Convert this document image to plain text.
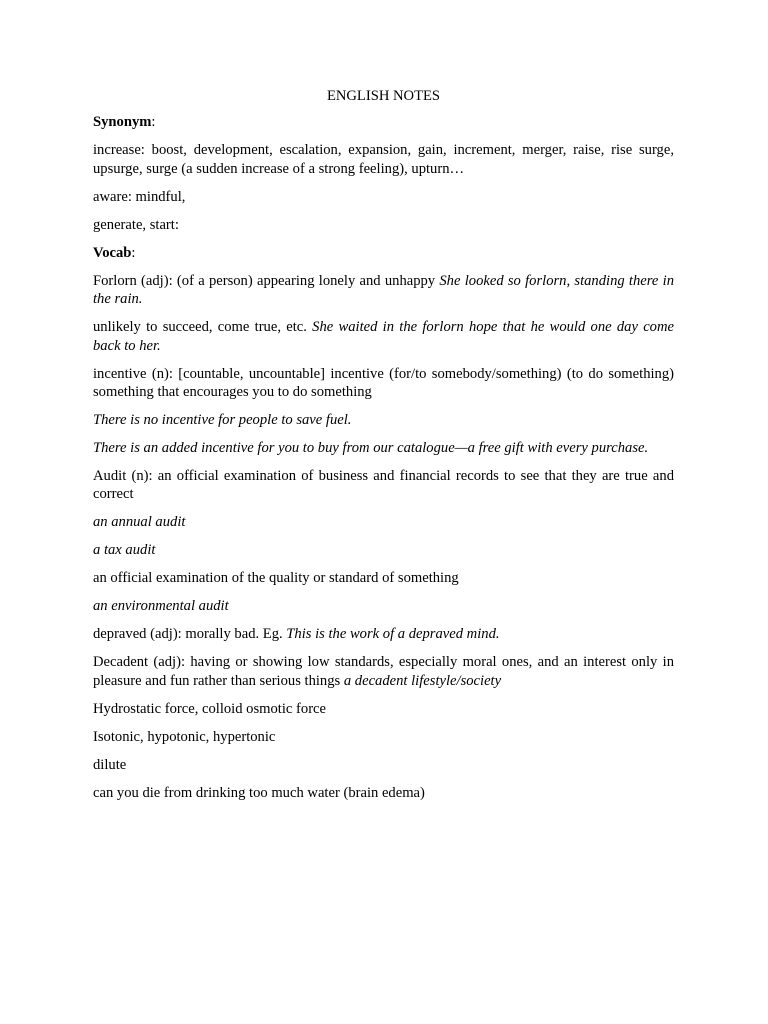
ENGLISH NOTES

Synonym:

increase: boost, development, escalation, expansion, gain, increment, merger, raise, rise surge, upsurge, surge (a sudden increase of a strong feeling), upturn…

aware: mindful,

generate, start:

Vocab:

Forlorn (adj): (of a person) appearing lonely and unhappy She looked so forlorn, standing there in the rain.

unlikely to succeed, come true, etc. She waited in the forlorn hope that he would one day come back to her.

incentive (n): [countable, uncountable] incentive (for/to somebody/something) (to do something) something that encourages you to do something

There is no incentive for people to save fuel.

There is an added incentive for you to buy from our catalogue—a free gift with every purchase.

Audit (n): an official examination of business and financial records to see that they are true and correct

an annual audit

a tax audit

an official examination of the quality or standard of something

an environmental audit

depraved (adj): morally bad. Eg. This is the work of a depraved mind.

Decadent (adj): having or showing low standards, especially moral ones, and an interest only in pleasure and fun rather than serious things a decadent lifestyle/society

Hydrostatic force, colloid osmotic force

Isotonic, hypotonic, hypertonic

dilute

can you die from drinking too much water (brain edema)
